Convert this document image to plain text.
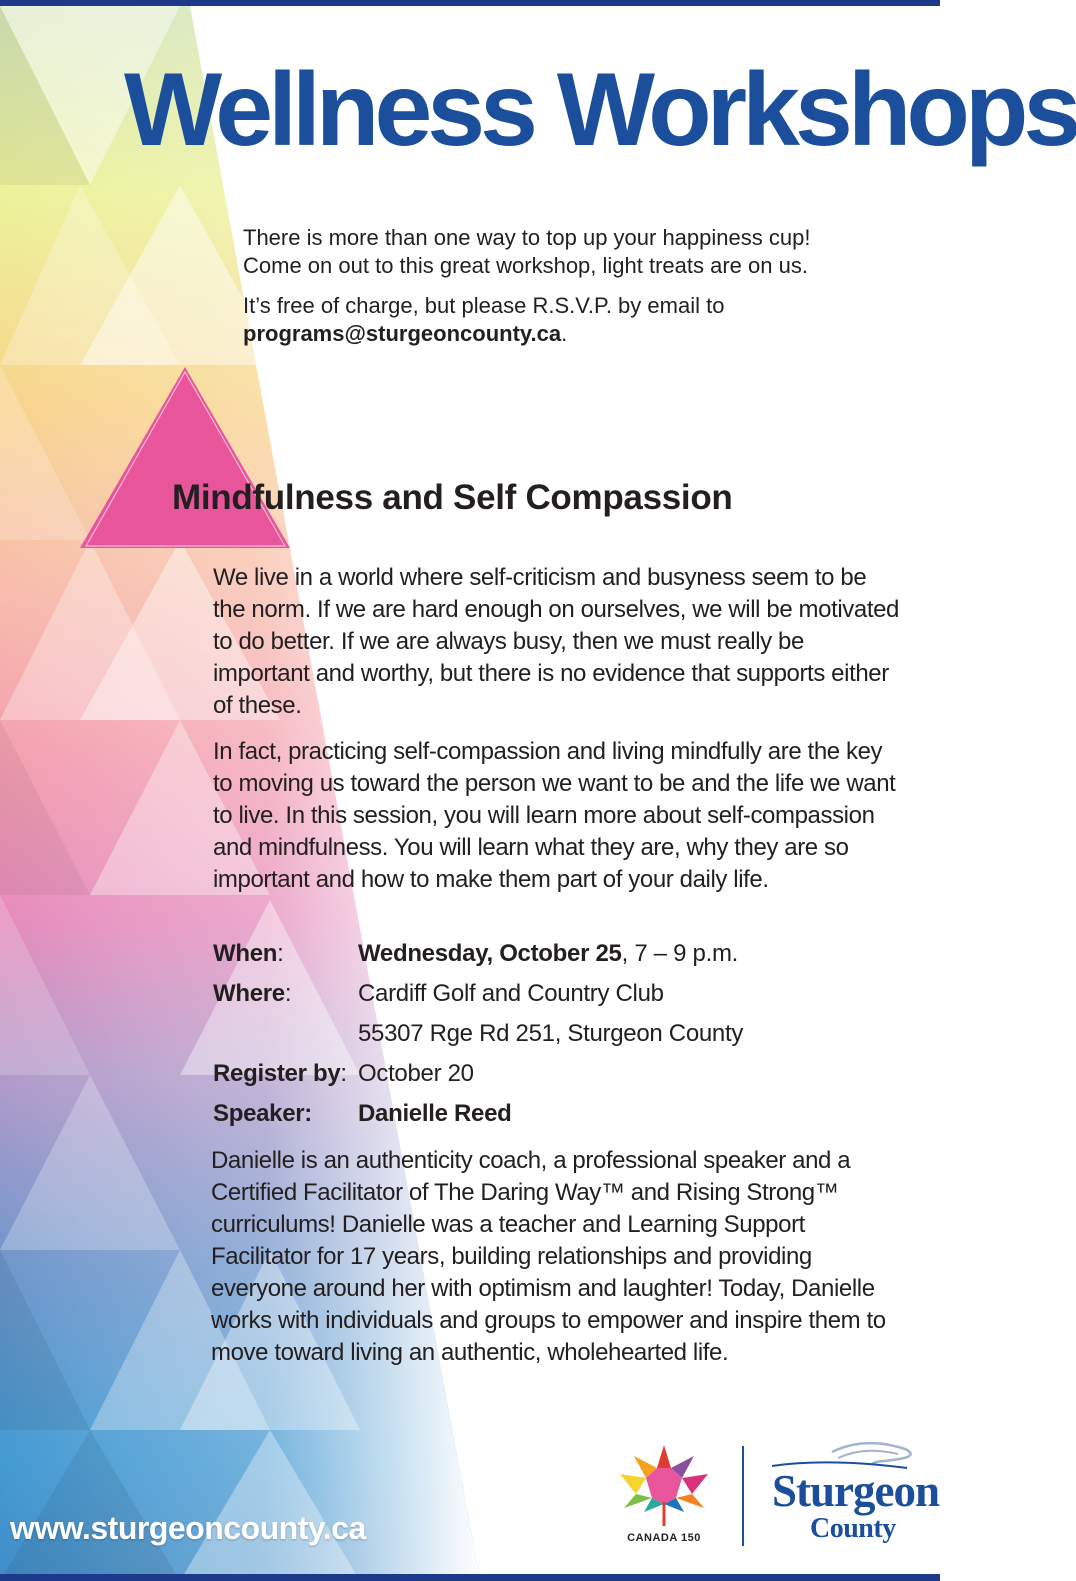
Wellness Workshops

There is more than one way to top up your happiness cup!
Come on out to this great workshop, light treats are on us.

It’s free of charge, but please R.S.V.P. by email to
programs@sturgeoncounty.ca.

Mindfulness and Self Compassion

We live in a world where self-criticism and busyness seem to be the norm. If we are hard enough on ourselves, we will be motivated to do better. If we are always busy, then we must really be important and worthy, but there is no evidence that supports either of these.

In fact, practicing self-compassion and living mindfully are the key to moving us toward the person we want to be and the life we want to live. In this session, you will learn more about self-compassion and mindfulness. You will learn what they are, why they are so important and how to make them part of your daily life.

When:	Wednesday, October 25, 7 – 9 p.m.
Where:	Cardiff Golf and Country Club
55307 Rge Rd 251, Sturgeon County
Register by: October 20
Speaker:	Danielle Reed

Danielle is an authenticity coach, a professional speaker and a Certified Facilitator of The Daring Way™ and Rising Strong™ curriculums! Danielle was a teacher and Learning Support Facilitator for 17 years, building relationships and providing everyone around her with optimism and laughter! Today, Danielle works with individuals and groups to empower and inspire them to move toward living an authentic, wholehearted life.

www.sturgeoncounty.ca	CANADA 150
Sturgeon
County
